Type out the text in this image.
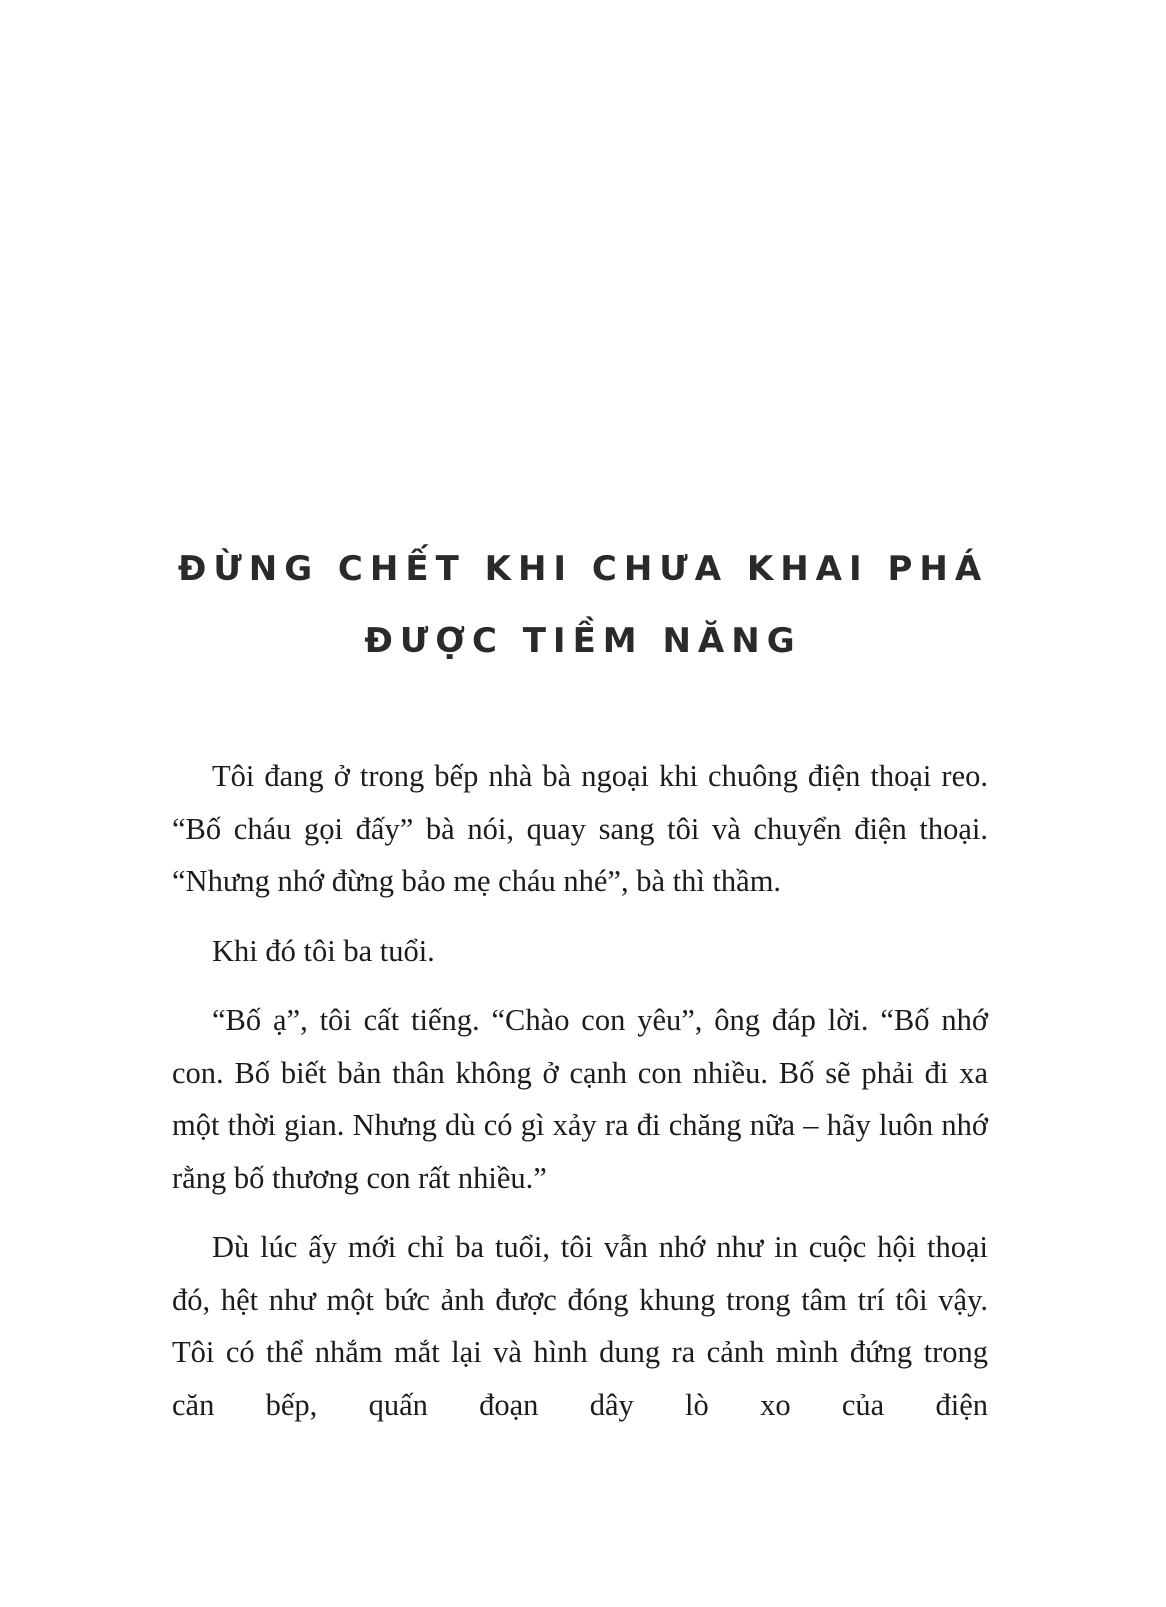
ĐỪNG CHẾT KHI CHƯA KHAI PHÁ
ĐƯỢC TIỀM NĂNG

Tôi đang ở trong bếp nhà bà ngoại khi chuông điện thoại reo. “Bố cháu gọi đấy” bà nói, quay sang tôi và chuyển điện thoại. “Nhưng nhớ đừng bảo mẹ cháu nhé”, bà thì thầm.

Khi đó tôi ba tuổi.

“Bố ạ”, tôi cất tiếng. “Chào con yêu”, ông đáp lời. “Bố nhớ con. Bố biết bản thân không ở cạnh con nhiều. Bố sẽ phải đi xa một thời gian. Nhưng dù có gì xảy ra đi chăng nữa – hãy luôn nhớ rằng bố thương con rất nhiều.”

Dù lúc ấy mới chỉ ba tuổi, tôi vẫn nhớ như in cuộc hội thoại đó, hệt như một bức ảnh được đóng khung trong tâm trí tôi vậy. Tôi có thể nhắm mắt lại và hình dung ra cảnh mình đứng trong căn bếp, quấn đoạn dây lò xo của điện
